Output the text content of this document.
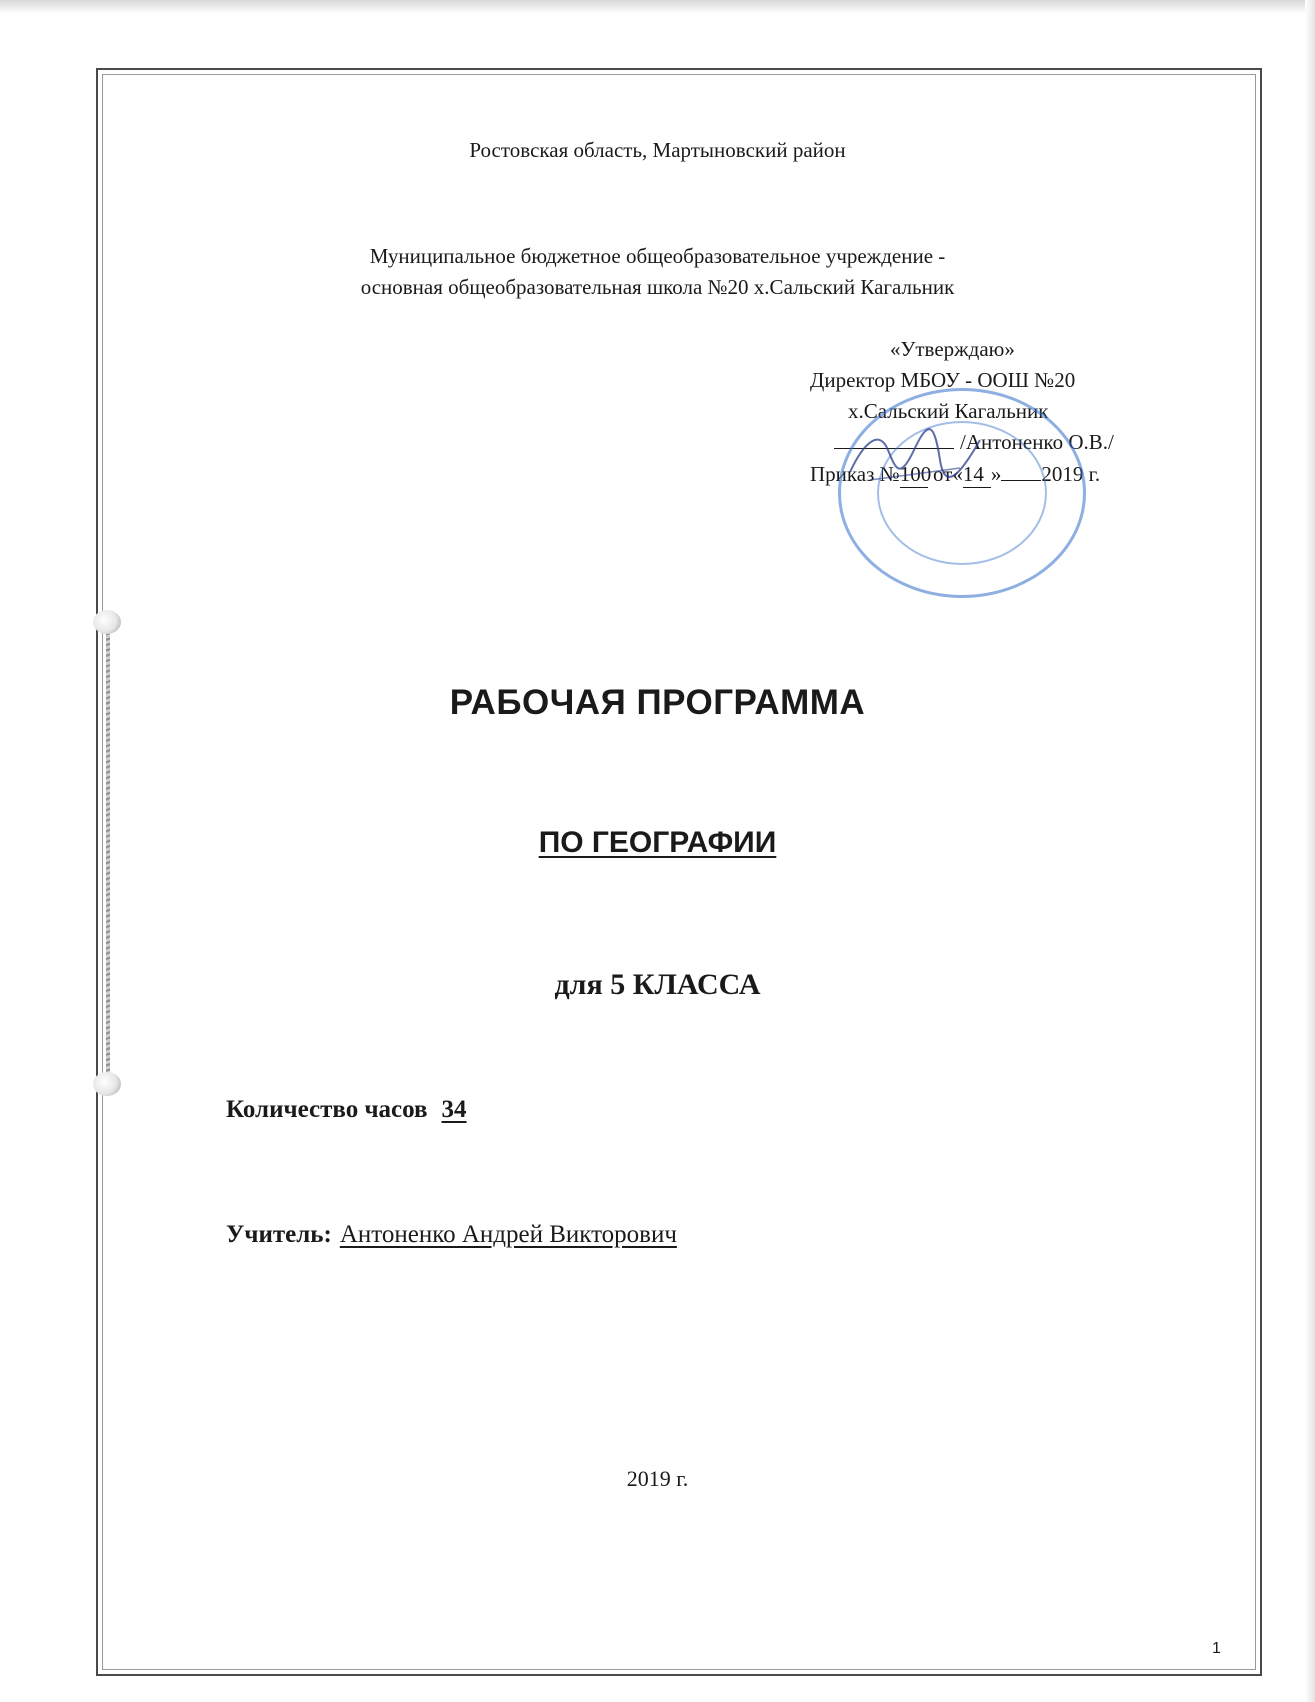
Ростовская область, Мартыновский район
Муниципальное бюджетное общеобразовательное учреждение -
основная общеобразовательная школа №20 х.Сальский Кагальник
«Утверждаю»
Директор МБОУ - ООШ №20
х.Сальский Кагальник
/Антоненко О.В./
Приказ №100 от«14 » 2019 г.
РАБОЧАЯ ПРОГРАММА
ПО ГЕОГРАФИИ
для 5 КЛАССА
Количество часов 34
Учитель: Антоненко Андрей Викторович
2019 г.
1
